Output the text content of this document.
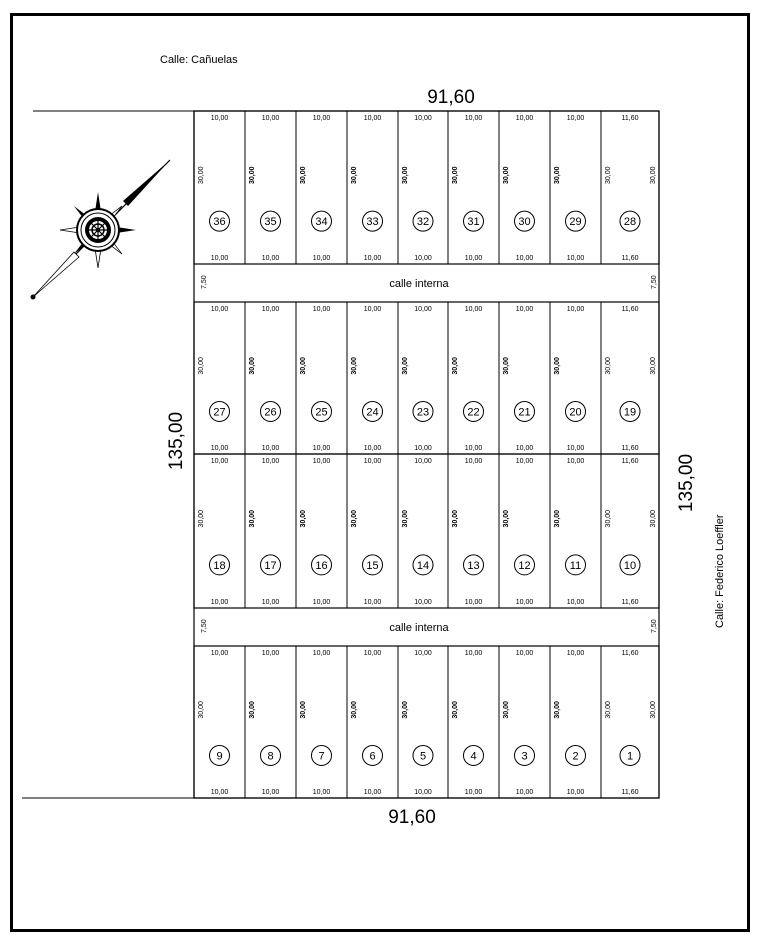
Calle: Cañuelas
Calle: Federico Loeffler
91,60
91,60
135,00
135,00
10,00
10,00
30,00
36
10,00
10,00
30,00
35
10,00
10,00
30,00
34
10,00
10,00
30,00
33
10,00
10,00
30,00
32
10,00
10,00
30,00
31
10,00
10,00
30,00
30
10,00
10,00
30,00
29
11,60
11,60
30,00	30,00
28
10,00
10,00
30,00
27
10,00
10,00
30,00
26
10,00
10,00
30,00
25
10,00
10,00
30,00
24
10,00
10,00
30,00
23
10,00
10,00
30,00
22
10,00
10,00
30,00
21
10,00
10,00
30,00
20
11,60
11,60
30,00	30,00
19
10,00
10,00
30,00
18
10,00
10,00
30,00
17
10,00
10,00
30,00
16
10,00
10,00
30,00
15
10,00
10,00
30,00
14
10,00
10,00
30,00
13
10,00
10,00
30,00
12
10,00
10,00
30,00
11
11,60
11,60
30,00	30,00
10
10,00
10,00
30,00
9
10,00
10,00
30,00
8
10,00
10,00
30,00
7
10,00
10,00
30,00
6
10,00
10,00
30,00
5
10,00
10,00
30,00
4
10,00
10,00
30,00
3
10,00
10,00
30,00
2
11,60
11,60
30,00	30,00
1
calle interna
7,50	7,50
calle interna
7,50	7,50
